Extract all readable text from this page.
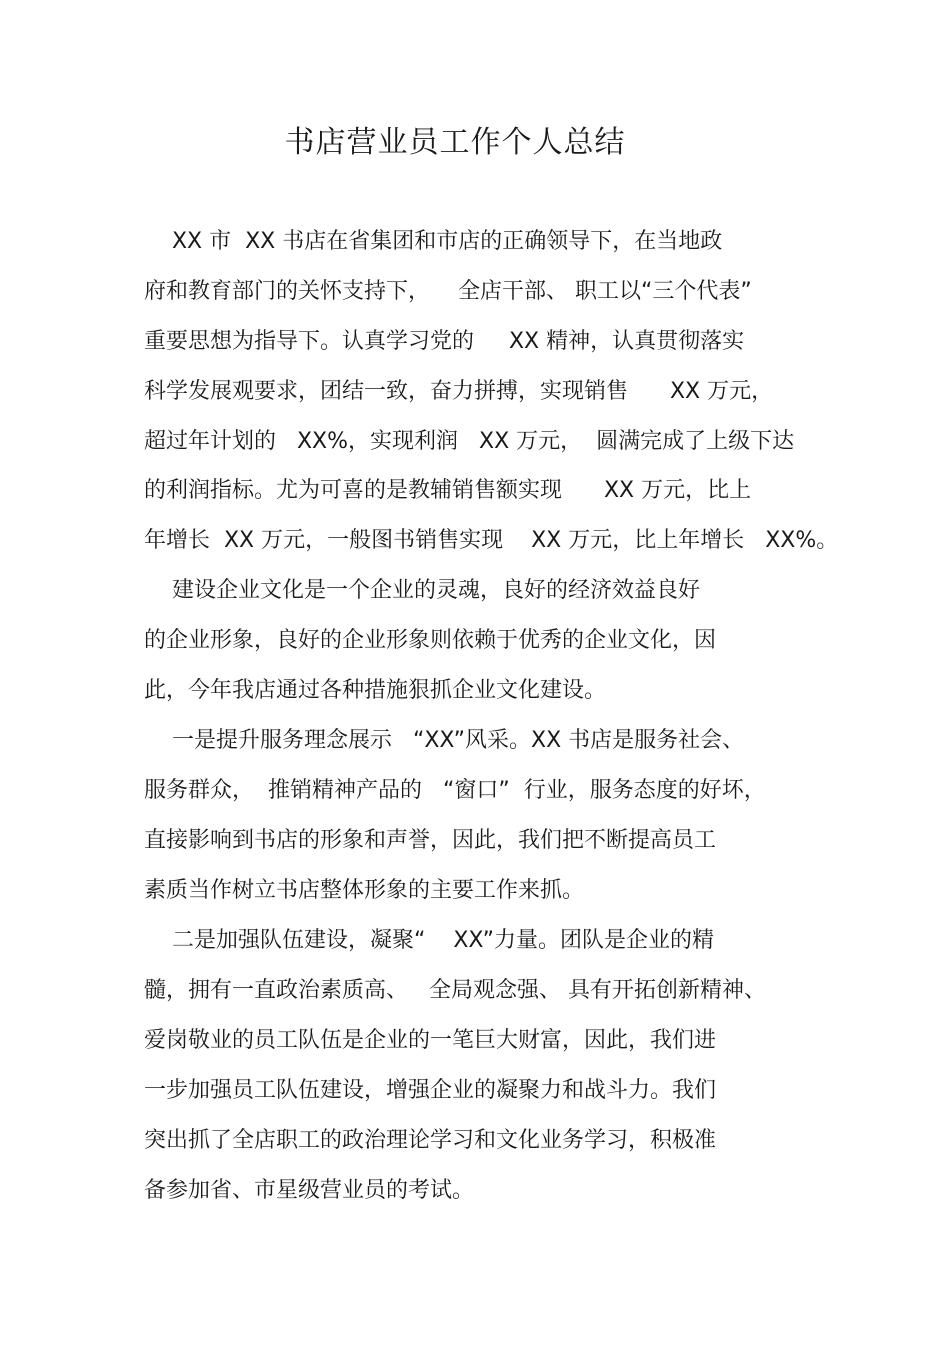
书店营业员工作个人总结
XX 市  XX 书店在省集团和市店的正确领导下，在当地政
府和教育部门的关怀支持下，    全店干部、 职工以“三个代表”
重要思想为指导下。认真学习党的     XX 精神，认真贯彻落实
科学发展观要求，团结一致，奋力拼搏，实现销售      XX 万元，
超过年计划的   XX%，实现利润   XX 万元，  圆满完成了上级下达
的利润指标。尤为可喜的是教辅销售额实现      XX 万元，比上
年增长  XX 万元，一般图书销售实现    XX 万元，比上年增长   XX%。
建设企业文化是一个企业的灵魂，良好的经济效益良好
的企业形象，良好的企业形象则依赖于优秀的企业文化，因
此，今年我店通过各种措施狠抓企业文化建设。
一是提升服务理念展示   “XX”风采。XX 书店是服务社会、
服务群众，  推销精神产品的   “窗口”  行业，服务态度的好坏，
直接影响到书店的形象和声誉，因此，我们把不断提高员工
素质当作树立书店整体形象的主要工作来抓。
二是加强队伍建设，凝聚“    XX”力量。团队是企业的精
髓，拥有一直政治素质高、   全局观念强、 具有开拓创新精神、
爱岗敬业的员工队伍是企业的一笔巨大财富，因此，我们进
一步加强员工队伍建设，增强企业的凝聚力和战斗力。我们
突出抓了全店职工的政治理论学习和文化业务学习，积极准
备参加省、市星级营业员的考试。
